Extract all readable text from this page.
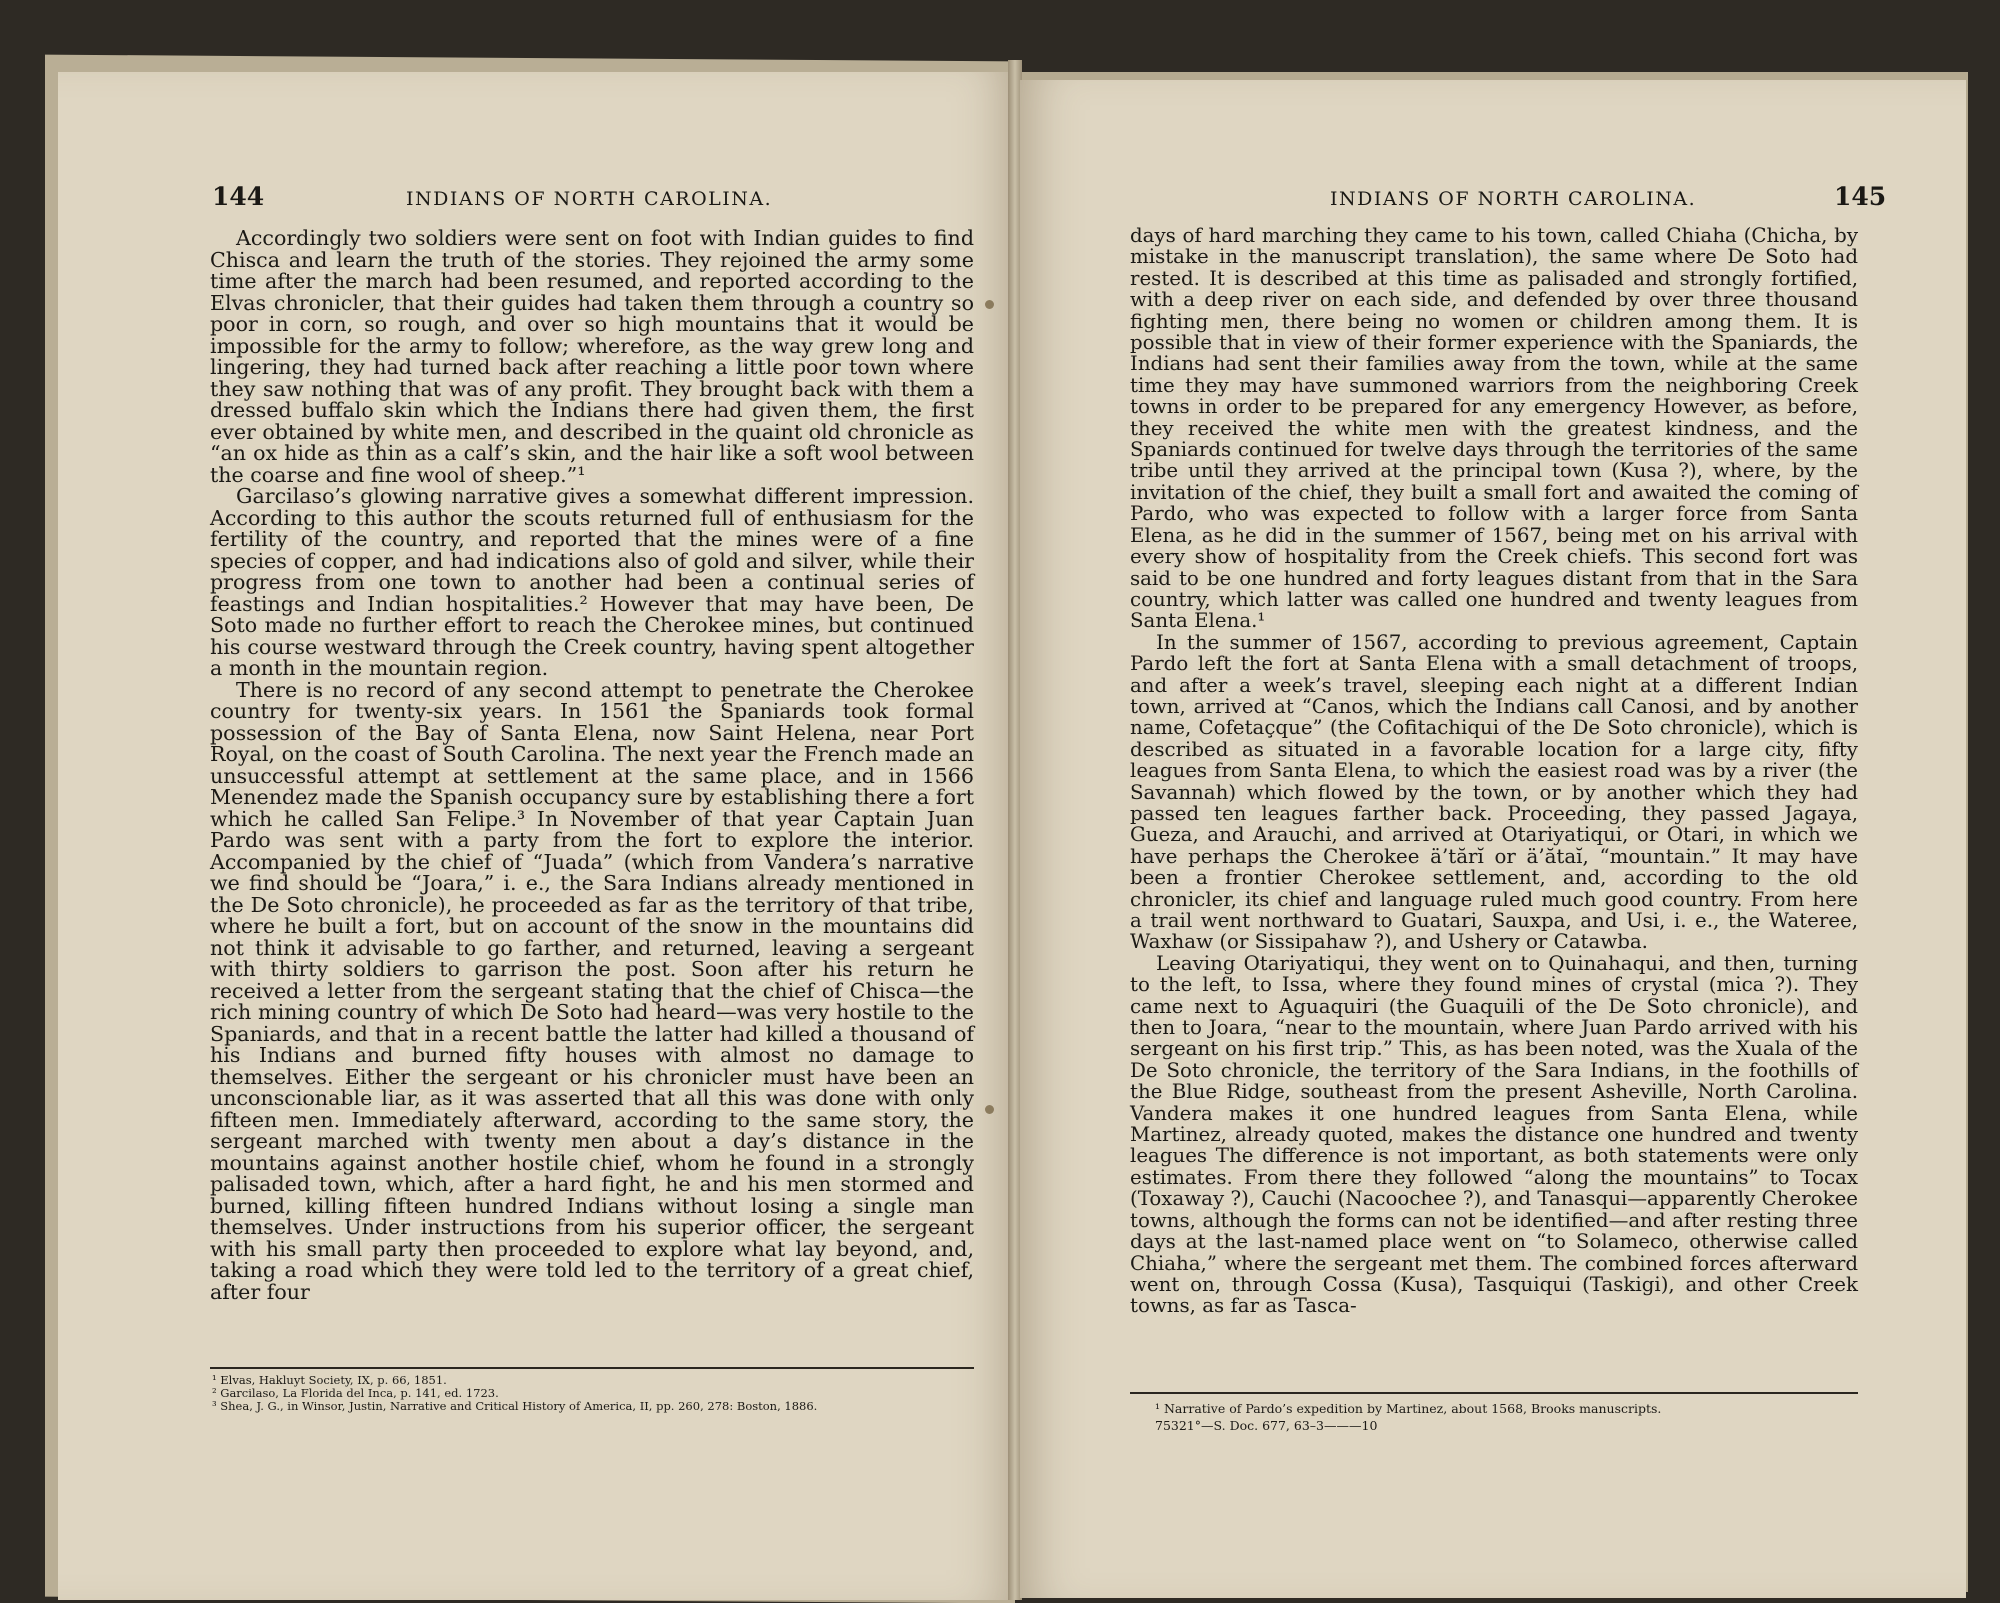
144	INDIANS OF NORTH CAROLINA.

Accordingly two soldiers were sent on foot with Indian guides to find Chisca and learn the truth of the stories. They rejoined the army some time after the march had been resumed, and reported according to the Elvas chronicler, that their guides had taken them through a country so poor in corn, so rough, and over so high mountains that it would be impossible for the army to follow; wherefore, as the way grew long and lingering, they had turned back after reaching a little poor town where they saw nothing that was of any profit. They brought back with them a dressed buffalo skin which the Indians there had given them, the first ever obtained by white men, and described in the quaint old chronicle as “an ox hide as thin as a calf’s skin, and the hair like a soft wool between the coarse and fine wool of sheep.”¹

Garcilaso’s glowing narrative gives a somewhat different impression. According to this author the scouts returned full of enthusiasm for the fertility of the country, and reported that the mines were of a fine species of copper, and had indications also of gold and silver, while their progress from one town to another had been a continual series of feastings and Indian hospitalities.² However that may have been, De Soto made no further effort to reach the Cherokee mines, but continued his course westward through the Creek country, having spent altogether a month in the mountain region.

There is no record of any second attempt to penetrate the Cherokee country for twenty-six years. In 1561 the Spaniards took formal possession of the Bay of Santa Elena, now Saint Helena, near Port Royal, on the coast of South Carolina. The next year the French made an unsuccessful attempt at settlement at the same place, and in 1566 Menendez made the Spanish occupancy sure by establishing there a fort which he called San Felipe.³ In November of that year Captain Juan Pardo was sent with a party from the fort to explore the interior. Accompanied by the chief of “Juada” (which from Vandera’s narrative we find should be “Joara,” i. e., the Sara Indians already mentioned in the De Soto chronicle), he proceeded as far as the territory of that tribe, where he built a fort, but on account of the snow in the mountains did not think it advisable to go farther, and returned, leaving a sergeant with thirty soldiers to garrison the post. Soon after his return he received a letter from the sergeant stating that the chief of Chisca—the rich mining country of which De Soto had heard—was very hostile to the Spaniards, and that in a recent battle the latter had killed a thousand of his Indians and burned fifty houses with almost no damage to themselves. Either the sergeant or his chronicler must have been an unconscionable liar, as it was asserted that all this was done with only fifteen men. Immediately afterward, according to the same story, the sergeant marched with twenty men about a day’s distance in the mountains against another hostile chief, whom he found in a strongly palisaded town, which, after a hard fight, he and his men stormed and burned, killing fifteen hundred Indians without losing a single man themselves. Under instructions from his superior officer, the sergeant with his small party then proceeded to explore what lay beyond, and, taking a road which they were told led to the territory of a great chief, after four

¹ Elvas, Hakluyt Society, IX, p. 66, 1851.
² Garcilaso, La Florida del Inca, p. 141, ed. 1723.
³ Shea, J. G., in Winsor, Justin, Narrative and Critical History of America, II, pp. 260, 278: Boston, 1886.
INDIANS OF NORTH CAROLINA.	145

days of hard marching they came to his town, called Chiaha (Chicha, by mistake in the manuscript translation), the same where De Soto had rested. It is described at this time as palisaded and strongly fortified, with a deep river on each side, and defended by over three thousand fighting men, there being no women or children among them. It is possible that in view of their former experience with the Spaniards, the Indians had sent their families away from the town, while at the same time they may have summoned warriors from the neighboring Creek towns in order to be prepared for any emergency However, as before, they received the white men with the greatest kindness, and the Spaniards continued for twelve days through the territories of the same tribe until they arrived at the principal town (Kusa ?), where, by the invitation of the chief, they built a small fort and awaited the coming of Pardo, who was expected to follow with a larger force from Santa Elena, as he did in the summer of 1567, being met on his arrival with every show of hospitality from the Creek chiefs. This second fort was said to be one hundred and forty leagues distant from that in the Sara country, which latter was called one hundred and twenty leagues from Santa Elena.¹

In the summer of 1567, according to previous agreement, Captain Pardo left the fort at Santa Elena with a small detachment of troops, and after a week’s travel, sleeping each night at a different Indian town, arrived at “Canos, which the Indians call Canosi, and by another name, Cofetaçque” (the Cofitachiqui of the De Soto chronicle), which is described as situated in a favorable location for a large city, fifty leagues from Santa Elena, to which the easiest road was by a river (the Savannah) which flowed by the town, or by another which they had passed ten leagues farther back. Proceeding, they passed Jagaya, Gueza, and Arauchi, and arrived at Otariyatiqui, or Otari, in which we have perhaps the Cherokee ä’tărĭ or ä’ătaĭ, “mountain.” It may have been a frontier Cherokee settlement, and, according to the old chronicler, its chief and language ruled much good country. From here a trail went northward to Guatari, Sauxpa, and Usi, i. e., the Wateree, Waxhaw (or Sissipahaw ?), and Ushery or Catawba.

Leaving Otariyatiqui, they went on to Quinahaqui, and then, turning to the left, to Issa, where they found mines of crystal (mica ?). They came next to Aguaquiri (the Guaquili of the De Soto chronicle), and then to Joara, “near to the mountain, where Juan Pardo arrived with his sergeant on his first trip.” This, as has been noted, was the Xuala of the De Soto chronicle, the territory of the Sara Indians, in the foothills of the Blue Ridge, southeast from the present Asheville, North Carolina. Vandera makes it one hundred leagues from Santa Elena, while Martinez, already quoted, makes the distance one hundred and twenty leagues The difference is not important, as both statements were only estimates. From there they followed “along the mountains” to Tocax (Toxaway ?), Cauchi (Nacoochee ?), and Tanasqui—apparently Cherokee towns, although the forms can not be identified—and after resting three days at the last-named place went on “to Solameco, otherwise called Chiaha,” where the sergeant met them. The combined forces afterward went on, through Cossa (Kusa), Tasquiqui (Taskigi), and other Creek towns, as far as Tasca-

¹ Narrative of Pardo’s expedition by Martinez, about 1568, Brooks manuscripts.
75321°—S. Doc. 677, 63–3———10
